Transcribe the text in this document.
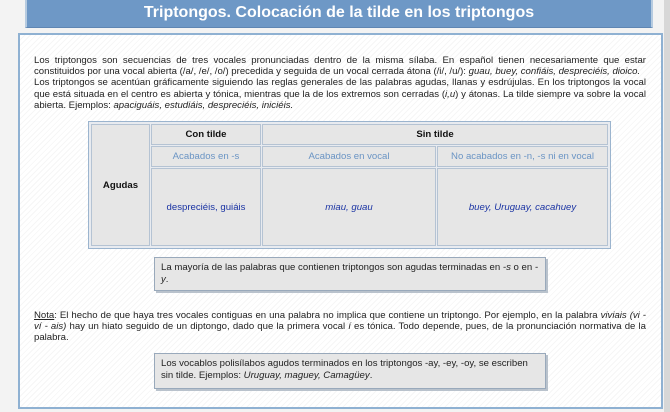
Triptongos. Colocación de la tilde en los triptongos

Los triptongos son secuencias de tres vocales pronunciadas dentro de la misma sílaba. En español tienen necesariamente que estar constituidos por una vocal abierta (/a/, /e/, /o/) precedida y seguida de un vocal cerrada átona (/i/, /u/): guau, buey, confiáis, despreciéis, dioico.

Los triptongos se acentúan gráficamente siguiendo las reglas generales de las palabras agudas, llanas y esdrújulas. En los triptongos la vocal que está situada en el centro es abierta y tónica, mientras que la de los extremos son cerradas (i,u) y átonas. La tilde siempre va sobre la vocal abierta. Ejemplos: apaciguáis, estudiáis, despreciéis, iniciéis.

Agudas
Con tilde	Sin tilde
Acabados en -s	Acabados en vocal	No acabados en -n, -s ni en vocal
despreciéis, guiáis	miau, guau	buey, Uruguay, cacahuey
La mayoría de las palabras que contienen triptongos son agudas terminadas en -s o en -y.
Nota: El hecho de que haya tres vocales contiguas en una palabra no implica que contiene un triptongo. Por ejemplo, en la palabra viviais (vi - ví - ais) hay un hiato seguido de un diptongo, dado que la primera vocal í es tónica. Todo depende, pues, de la pronunciación normativa de la palabra.
Los vocablos polisílabos agudos terminados en los triptongos -ay, -ey, -oy, se escriben sin tilde. Ejemplos: Uruguay, maguey, Camagüey.
